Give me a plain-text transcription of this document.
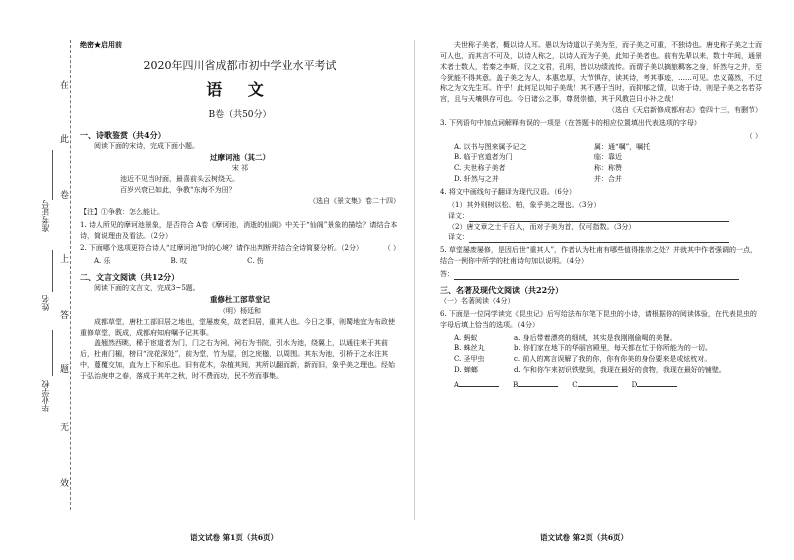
在
此
卷
上
答
题
无
效
准考证号
姓名
毕业学校
绝密★启用前
2020年四川省成都市初中学业水平考试
语 文
B卷（共50分）
一、诗歌鉴赏（共4分）

阅读下面的宋诗，完成下面小题。

过摩诃池（其二）
宋 祁
池近不见当时面，最喜前头云树绕天。
百岁兴衰已如此，争教“东海不为田？
（选自《景文集》卷二十四）
【注】①争教：怎么能让。
1. 诗人所见的摩诃池景象，是否符合 A卷《摩诃池，消逝的仙阁》中关于“仙阁”景象的描绘？请结合本诗，简说理由及看法。（2分）
（ ）
2. 下面哪个选项更符合诗人“过摩诃池”时的心境？请作出判断并结合全诗简要分析。（2分）
A. 乐	B. 叹	C. 伤
二、文言文阅读（共12分）

阅读下面的文言文，完成3~5题。

重修杜工部草堂记
（明）杨廷和

成都草堂，唐杜工部旧居之地也，堂屡废矣，故老旧居，重其人也。今日之事，则蜀地宜为布政使重修草堂，既成，成都府知府嘱予记其事。

盖翘然西眺，稀于宦道者为门，门之右为祠，祠右为书院，引水为池，绕翼上，以通往来于其前后，杜甫门楣，榜曰“浣花深处”，前为堂，竹为屋，创之庑楹，以周围。其东为池，引桥于之水注其中，蔓覆交加，直为上下和乐也。旧有花木，杂植其间，其所以翻而新，新而旧，象乎美之理也。经始于弘治庚申之春，落成于其年之秋，时不费而功，民不劳而事集。

夫世称子美者，概以诗人耳。愚以为诗道以子美为至，而子美之可重，不独诗也。唐史称子美之士而可人也，而其言不可及，以诗人称之，以诗人而为子美，此知子美者也。前有先辈以来，数十年间，通景术者士数人，若秦之李斯，汉之文君，孔明，皆以功绩流传。而谓子美以摘旅羁客之身，轩然与之并，至今犹能不得其意。盖子美之为人，本惠忠厚，大节惧存，读其诗，考其事迹，……可见。忠义蔼然，不过称之为文先生耳。许乎！此何足以知子美哉！其不遇于当时，而抑郁之情，以寄于诗，则是子美之名若芬宫，且与天壤俱存可也。今日诸公之事，尊贤崇德，其于风教岂曰小补之哉！

（选自《天启新修成都府志》卷四十三，有删节）
3. 下列语句中加点词解释有误的一项是（在答题卡的相应位置填出代表选项的字母）
（ ）
A. 以书与图来属予记之	属：通“嘱”，嘱托
B. 临于官道者为门	临：靠近
C. 夫世称子美者	称：称赞
D. 轩然与之并	并：合并
4. 将文中画线句子翻译为现代汉语。（6分）
（1）其外则树以松、柏，象乎美之理也。（3分）
译文：
（2）唐文章之士千百人，而对子美为首，仅可指数。（3分）
译文：
5. 草堂屡废屡修，是因后世“重其人”，作者认为杜甫有哪些值得推崇之处？并就其中作者强调的一点，结合一例你中所学的杜甫诗句加以说明。（4分）
答：
三、名著及现代文阅读（共22分）
（一）名著阅读（4分）
6. 下面是一位同学读完《昆虫记》后写给法布尔笔下昆虫的小诗，请根据你的阅读体验，在代表昆虫的字母后填上恰当的选项。（4分）
A. 蚂蚁	a. 身后带着漂亮的细绒，其实是我刚刚偷喝的美餐。
B. 蛛丝丸	b. 你们家在地下的华丽宫殿里，每天都在忙于你所能为的一切。
C. 圣甲虫	c. 前人的寓言误解了我的你，你有你美的身份要来是或炫枕对。
D. 蝉螂	d. 乍和你乍来初识铁壁到，我现在最好的食物，我现在最好的铺壁。
A	B	C	D
语文试卷 第1页（共6页）	语文试卷 第2页（共6页）
